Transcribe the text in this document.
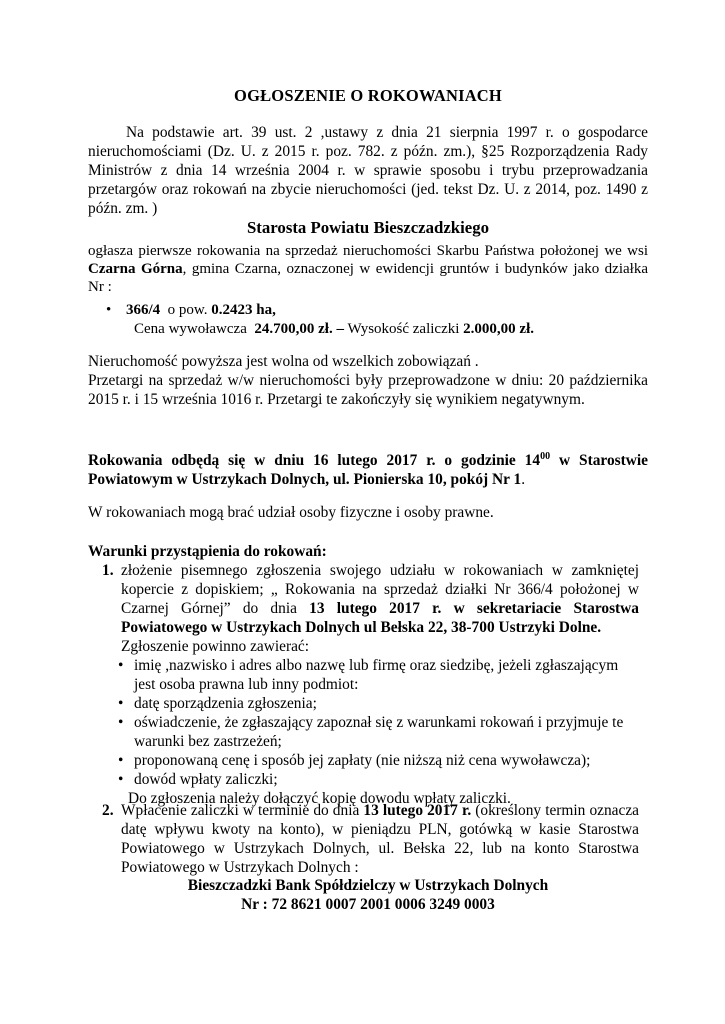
OGŁOSZENIE O ROKOWANIACH
Na podstawie art. 39 ust. 2 ,ustawy z dnia 21 sierpnia 1997 r. o gospodarce nieruchomościami (Dz. U. z 2015 r. poz. 782. z późn. zm.), §25 Rozporządzenia Rady Ministrów z dnia 14 września 2004 r. w sprawie sposobu i trybu przeprowadzania przetargów oraz rokowań na zbycie nieruchomości (jed. tekst Dz. U. z 2014, poz. 1490 z późn. zm. )
Starosta Powiatu Bieszczadzkiego
ogłasza pierwsze rokowania na sprzedaż nieruchomości Skarbu Państwa położonej we wsi Czarna Górna, gmina Czarna, oznaczonej w ewidencji gruntów i budynków jako działka Nr :
• 366/4 o pow. 0.2423 ha,
Cena wywoławcza 24.700,00 zł. – Wysokość zaliczki 2.000,00 zł.
Nieruchomość powyższa jest wolna od wszelkich zobowiązań .
Przetargi na sprzedaż w/w nieruchomości były przeprowadzone w dniu: 20 października 2015 r. i 15 września 1016 r. Przetargi te zakończyły się wynikiem negatywnym.
Rokowania odbędą się w dniu 16 lutego 2017 r. o godzinie $14^{00}$ w Starostwie Powiatowym w Ustrzykach Dolnych, ul. Pionierska 10, pokój Nr 1.
W rokowaniach mogą brać udział osoby fizyczne i osoby prawne.
Warunki przystąpienia do rokowań:
1. złożenie pisemnego zgłoszenia swojego udziału w rokowaniach w zamkniętej kopercie z dopiskiem; „ Rokowania na sprzedaż działki Nr 366/4 położonej w Czarnej Górnej” do dnia 13 lutego 2017 r. w sekretariacie Starostwa Powiatowego w Ustrzykach Dolnych ul Bełska 22, 38-700 Ustrzyki Dolne.
Zgłoszenie powinno zawierać:
• imię ,nazwisko i adres albo nazwę lub firmę oraz siedzibę, jeżeli zgłaszającym jest osoba prawna lub inny podmiot:
• datę sporządzenia zgłoszenia;
• oświadczenie, że zgłaszający zapoznał się z warunkami rokowań i przyjmuje te warunki bez zastrzeżeń;
• proponowaną cenę i sposób jej zapłaty (nie niższą niż cena wywoławcza);
• dowód wpłaty zaliczki;
Do zgłoszenia należy dołączyć kopię dowodu wpłaty zaliczki.
2. Wpłacenie zaliczki w terminie do dnia 13 lutego 2017 r. (określony termin oznacza datę wpływu kwoty na konto), w pieniądzu PLN, gotówką w kasie Starostwa Powiatowego w Ustrzykach Dolnych, ul. Bełska 22, lub na konto Starostwa Powiatowego w Ustrzykach Dolnych :
Bieszczadzki Bank Spółdzielczy w Ustrzykach Dolnych
Nr : 72 8621 0007 2001 0006 3249 0003
